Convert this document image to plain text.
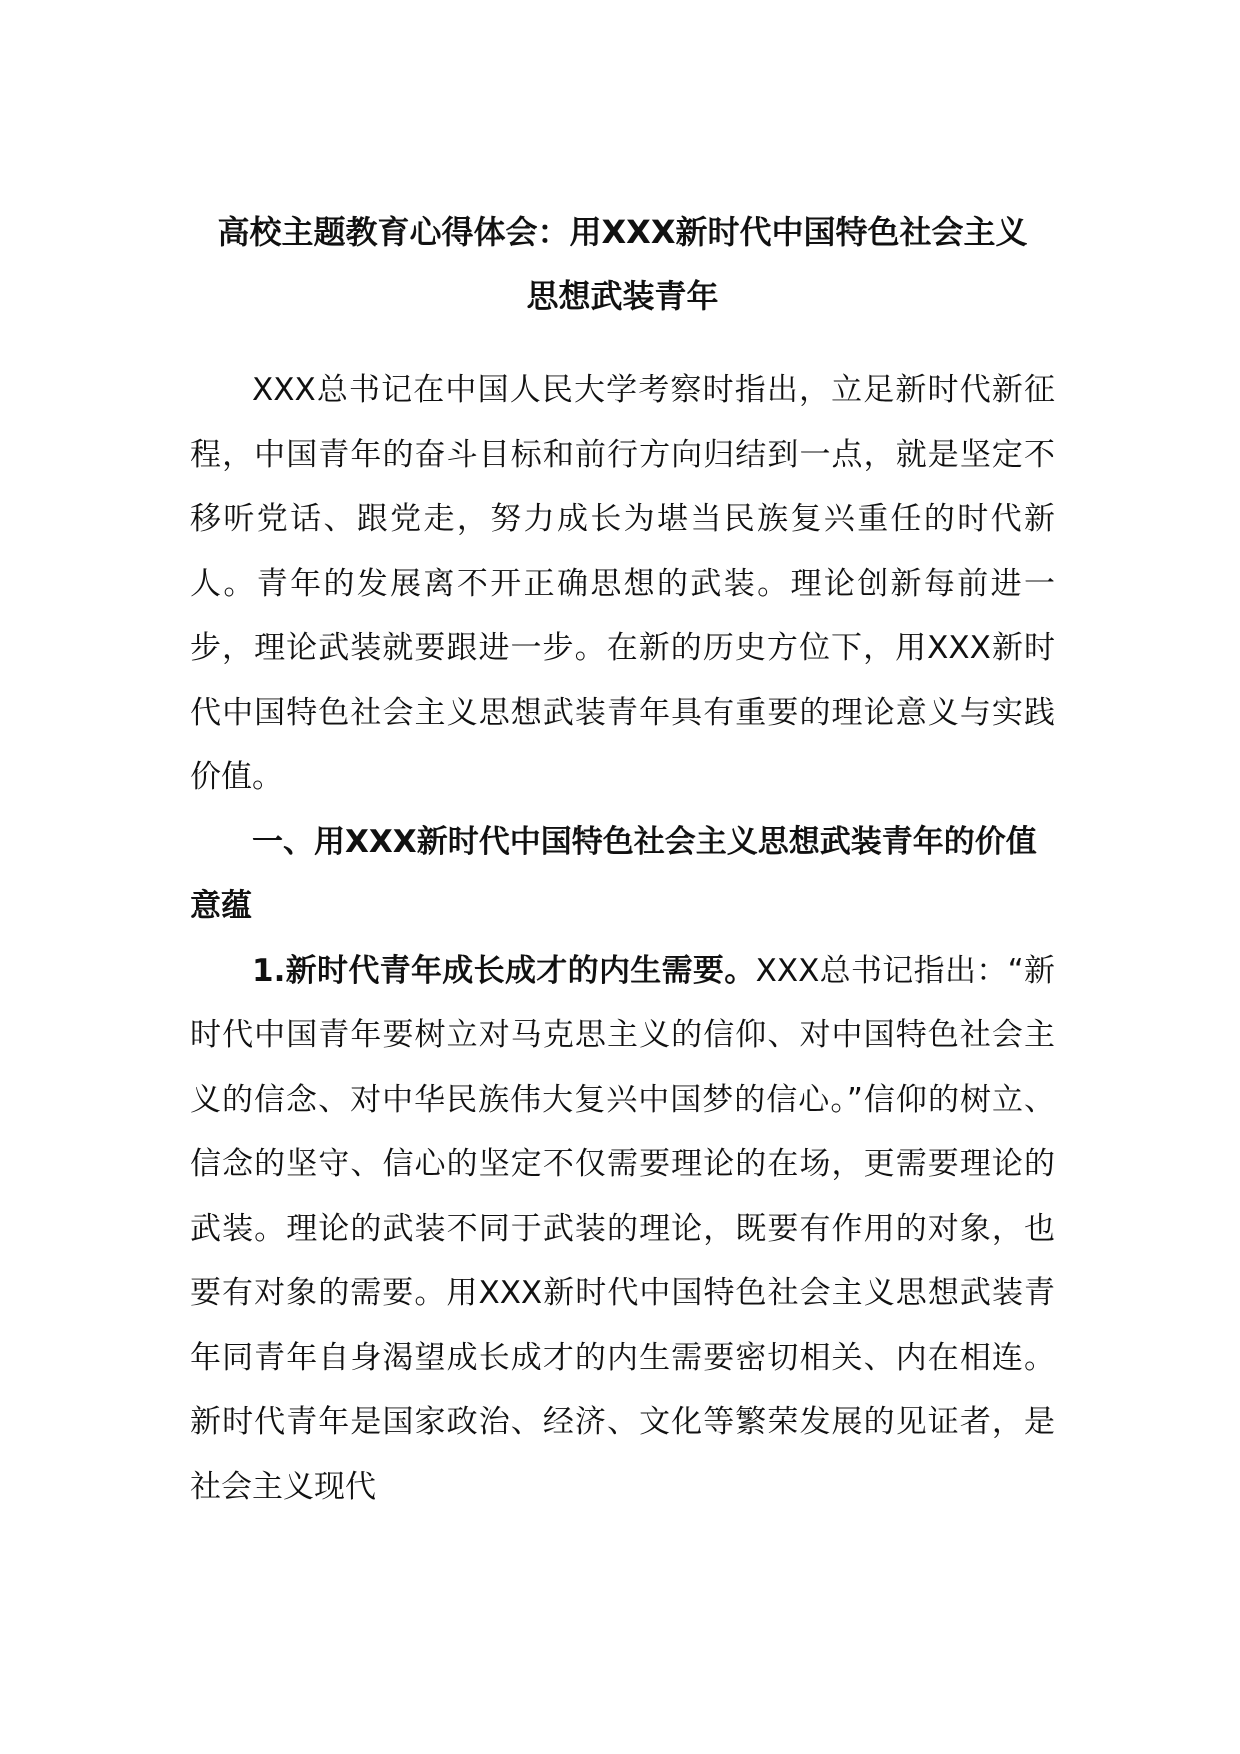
高校主题教育心得体会：用XXX新时代中国特色社会主义
思想武装青年

XXX总书记在中国人民大学考察时指出，立足新时代新征程，中国青年的奋斗目标和前行方向归结到一点，就是坚定不移听党话、跟党走，努力成长为堪当民族复兴重任的时代新人。青年的发展离不开正确思想的武装。理论创新每前进一步，理论武装就要跟进一步。在新的历史方位下，用XXX新时代中国特色社会主义思想武装青年具有重要的理论意义与实践价值。

一、用XXX新时代中国特色社会主义思想武装青年的价值意蕴

1.新时代青年成长成才的内生需要。XXX总书记指出：“新时代中国青年要树立对马克思主义的信仰、对中国特色社会主义的信念、对中华民族伟大复兴中国梦的信心。”信仰的树立、信念的坚守、信心的坚定不仅需要理论的在场，更需要理论的武装。理论的武装不同于武装的理论，既要有作用的对象，也要有对象的需要。用XXX新时代中国特色社会主义思想武装青年同青年自身渴望成长成才的内生需要密切相关、内在相连。新时代青年是国家政治、经济、文化等繁荣发展的见证者，是社会主义现代
